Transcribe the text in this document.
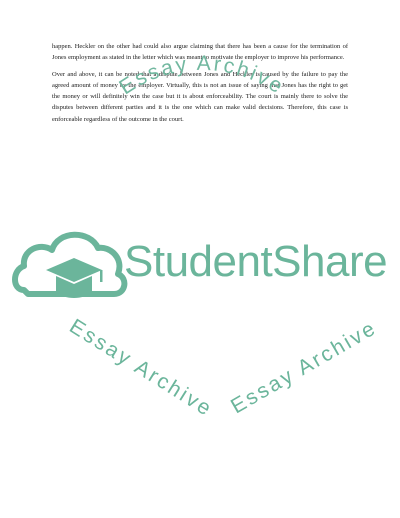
happen. Heckler on the other had could also argue claiming that there has been a cause for the termination of Jones employment as stated in the letter which was meant to motivate the employer to improve his performance.

Over and above, it can be noted that a dispute between Jones and Heckler is caused by the failure to pay the agreed amount of money by the employer. Virtually, this is not an issue of saying that Jones has the right to get the money or will definitely win the case but it is about enforceability. The court is mainly there to solve the disputes between different parties and it is the one which can make valid decisions. Therefore, this case is enforceable regardless of the outcome in the court.

Essay Archive
Essay Archive Essay Archive
StudentShare
